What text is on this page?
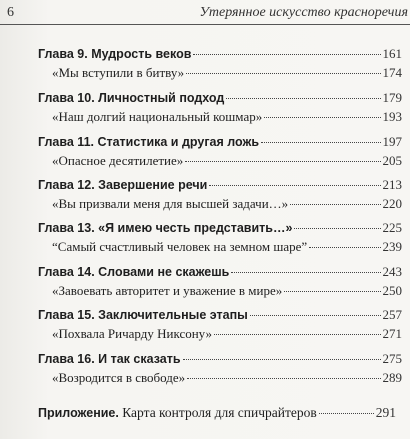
6	Утерянное искусство красноречия
Глава 9. Мудрость веков	161
«Мы вступили в битву»	174
Глава 10. Личностный подход	179
«Наш долгий национальный кошмар»	193
Глава 11. Статистика и другая ложь	197
«Опасное десятилетие»	205
Глава 12. Завершение речи	213
«Вы призвали меня для высшей задачи…»	220
Глава 13. «Я имею честь представить…»	225
“Самый счастливый человек на земном шаре”	239
Глава 14. Словами не скажешь	243
«Завоевать авторитет и уважение в мире»	250
Глава 15. Заключительные этапы	257
«Похвала Ричарду Никсону»	271
Глава 16. И так сказать	275
«Возродится в свободе»	289
Приложение. Карта контроля для спичрайтеров	291
